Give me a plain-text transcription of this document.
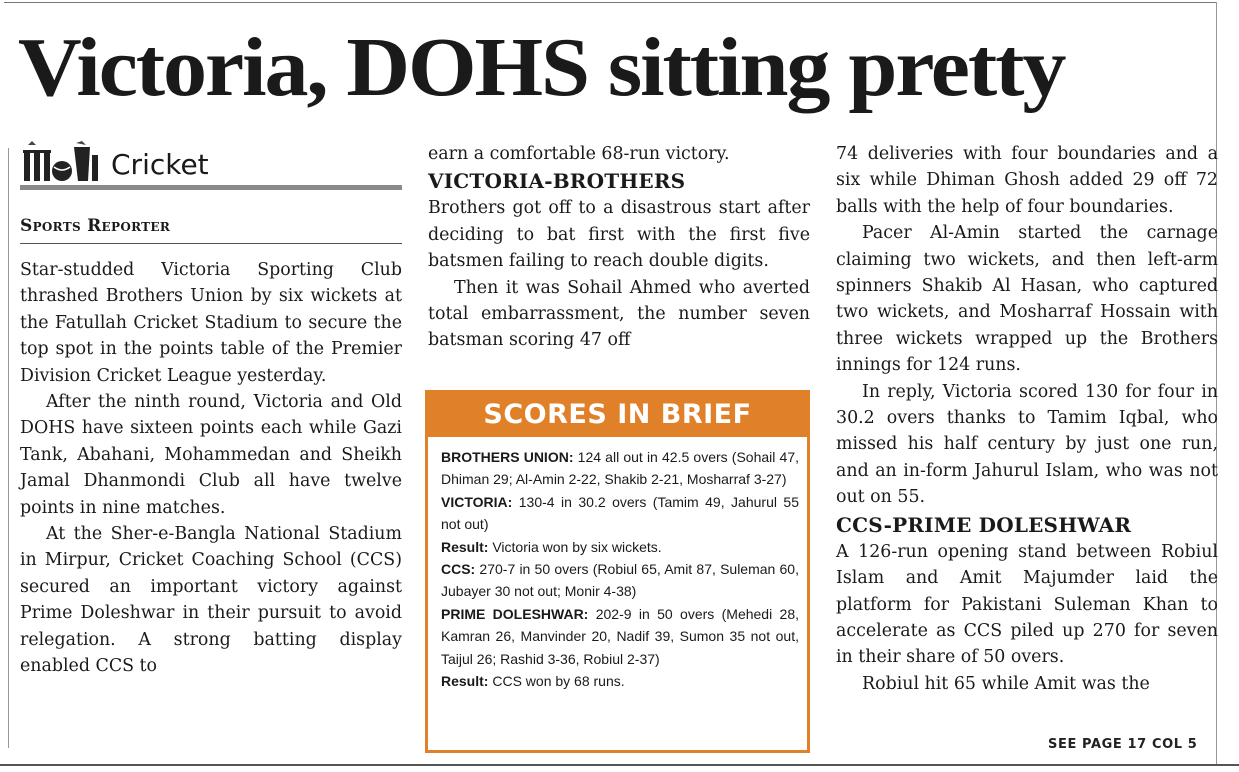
Victoria, DOHS sitting pretty
Cricket
Sports Reporter

Star-studded Victoria Sporting Club thrashed Brothers Union by six wickets at the Fatullah Cricket Stadium to secure the top spot in the points table of the Premier Division Cricket League yesterday.

After the ninth round, Victoria and Old DOHS have sixteen points each while Gazi Tank, Abahani, Mohammedan and Sheikh Jamal Dhanmondi Club all have twelve points in nine matches.

At the Sher-e-Bangla National Stadium in Mirpur, Cricket Coaching School (CCS) secured an important victory against Prime Doleshwar in their pursuit to avoid relegation. A strong batting display enabled CCS to

earn a comfortable 68-run victory.

VICTORIA-BROTHERS

Brothers got off to a disastrous start after deciding to bat first with the first five batsmen failing to reach double digits.

Then it was Sohail Ahmed who averted total embarrassment, the number seven batsman scoring 47 off

SCORES IN BRIEF

BROTHERS UNION: 124 all out in 42.5 overs (Sohail 47, Dhiman 29; Al-Amin 2-22, Shakib 2-21, Mosharraf 3-27)

VICTORIA: 130-4 in 30.2 overs (Tamim 49, Jahurul 55 not out)

Result: Victoria won by six wickets.

CCS: 270-7 in 50 overs (Robiul 65, Amit 87, Suleman 60, Jubayer 30 not out; Monir 4-38)

PRIME DOLESHWAR: 202-9 in 50 overs (Mehedi 28, Kamran 26, Manvinder 20, Nadif 39, Sumon 35 not out, Taijul 26; Rashid 3-36, Robiul 2-37)

Result: CCS won by 68 runs.

74 deliveries with four boundaries and a six while Dhiman Ghosh added 29 off 72 balls with the help of four boundaries.

Pacer Al-Amin started the carnage claiming two wickets, and then left-arm spinners Shakib Al Hasan, who captured two wickets, and Mosharraf Hossain with three wickets wrapped up the Brothers innings for 124 runs.

In reply, Victoria scored 130 for four in 30.2 overs thanks to Tamim Iqbal, who missed his half century by just one run, and an in-form Jahurul Islam, who was not out on 55.

CCS-PRIME DOLESHWAR

A 126-run opening stand between Robiul Islam and Amit Majumder laid the platform for Pakistani Suleman Khan to accelerate as CCS piled up 270 for seven in their share of 50 overs.

Robiul hit 65 while Amit was the

SEE PAGE 17 COL 5
